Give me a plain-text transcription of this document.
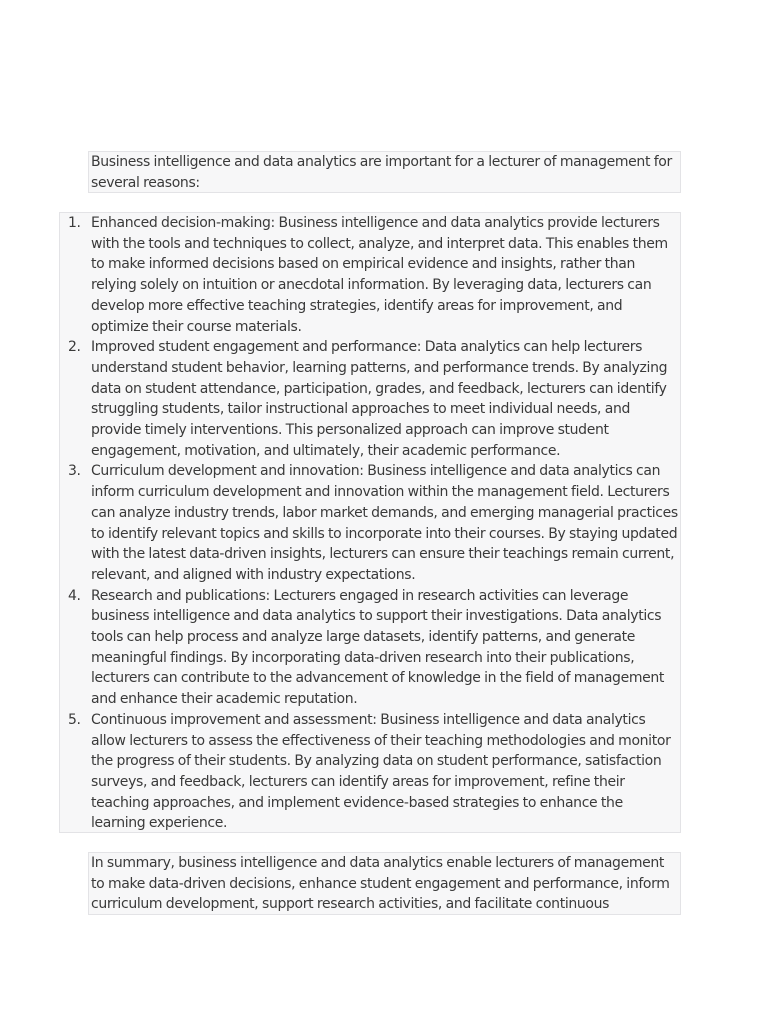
Business intelligence and data analytics are important for a lecturer of management for several reasons:
1. Enhanced decision-making: Business intelligence and data analytics provide lecturers with the tools and techniques to collect, analyze, and interpret data. This enables them to make informed decisions based on empirical evidence and insights, rather than relying solely on intuition or anecdotal information. By leveraging data, lecturers can develop more effective teaching strategies, identify areas for improvement, and optimize their course materials.
2. Improved student engagement and performance: Data analytics can help lecturers understand student behavior, learning patterns, and performance trends. By analyzing data on student attendance, participation, grades, and feedback, lecturers can identify struggling students, tailor instructional approaches to meet individual needs, and provide timely interventions. This personalized approach can improve student engagement, motivation, and ultimately, their academic performance.
3. Curriculum development and innovation: Business intelligence and data analytics can inform curriculum development and innovation within the management field. Lecturers can analyze industry trends, labor market demands, and emerging managerial practices to identify relevant topics and skills to incorporate into their courses. By staying updated with the latest data-driven insights, lecturers can ensure their teachings remain current, relevant, and aligned with industry expectations.
4. Research and publications: Lecturers engaged in research activities can leverage business intelligence and data analytics to support their investigations. Data analytics tools can help process and analyze large datasets, identify patterns, and generate meaningful findings. By incorporating data-driven research into their publications, lecturers can contribute to the advancement of knowledge in the field of management and enhance their academic reputation.
5. Continuous improvement and assessment: Business intelligence and data analytics allow lecturers to assess the effectiveness of their teaching methodologies and monitor the progress of their students. By analyzing data on student performance, satisfaction surveys, and feedback, lecturers can identify areas for improvement, refine their teaching approaches, and implement evidence-based strategies to enhance the learning experience.
In summary, business intelligence and data analytics enable lecturers of management to make data-driven decisions, enhance student engagement and performance, inform curriculum development, support research activities, and facilitate continuous
